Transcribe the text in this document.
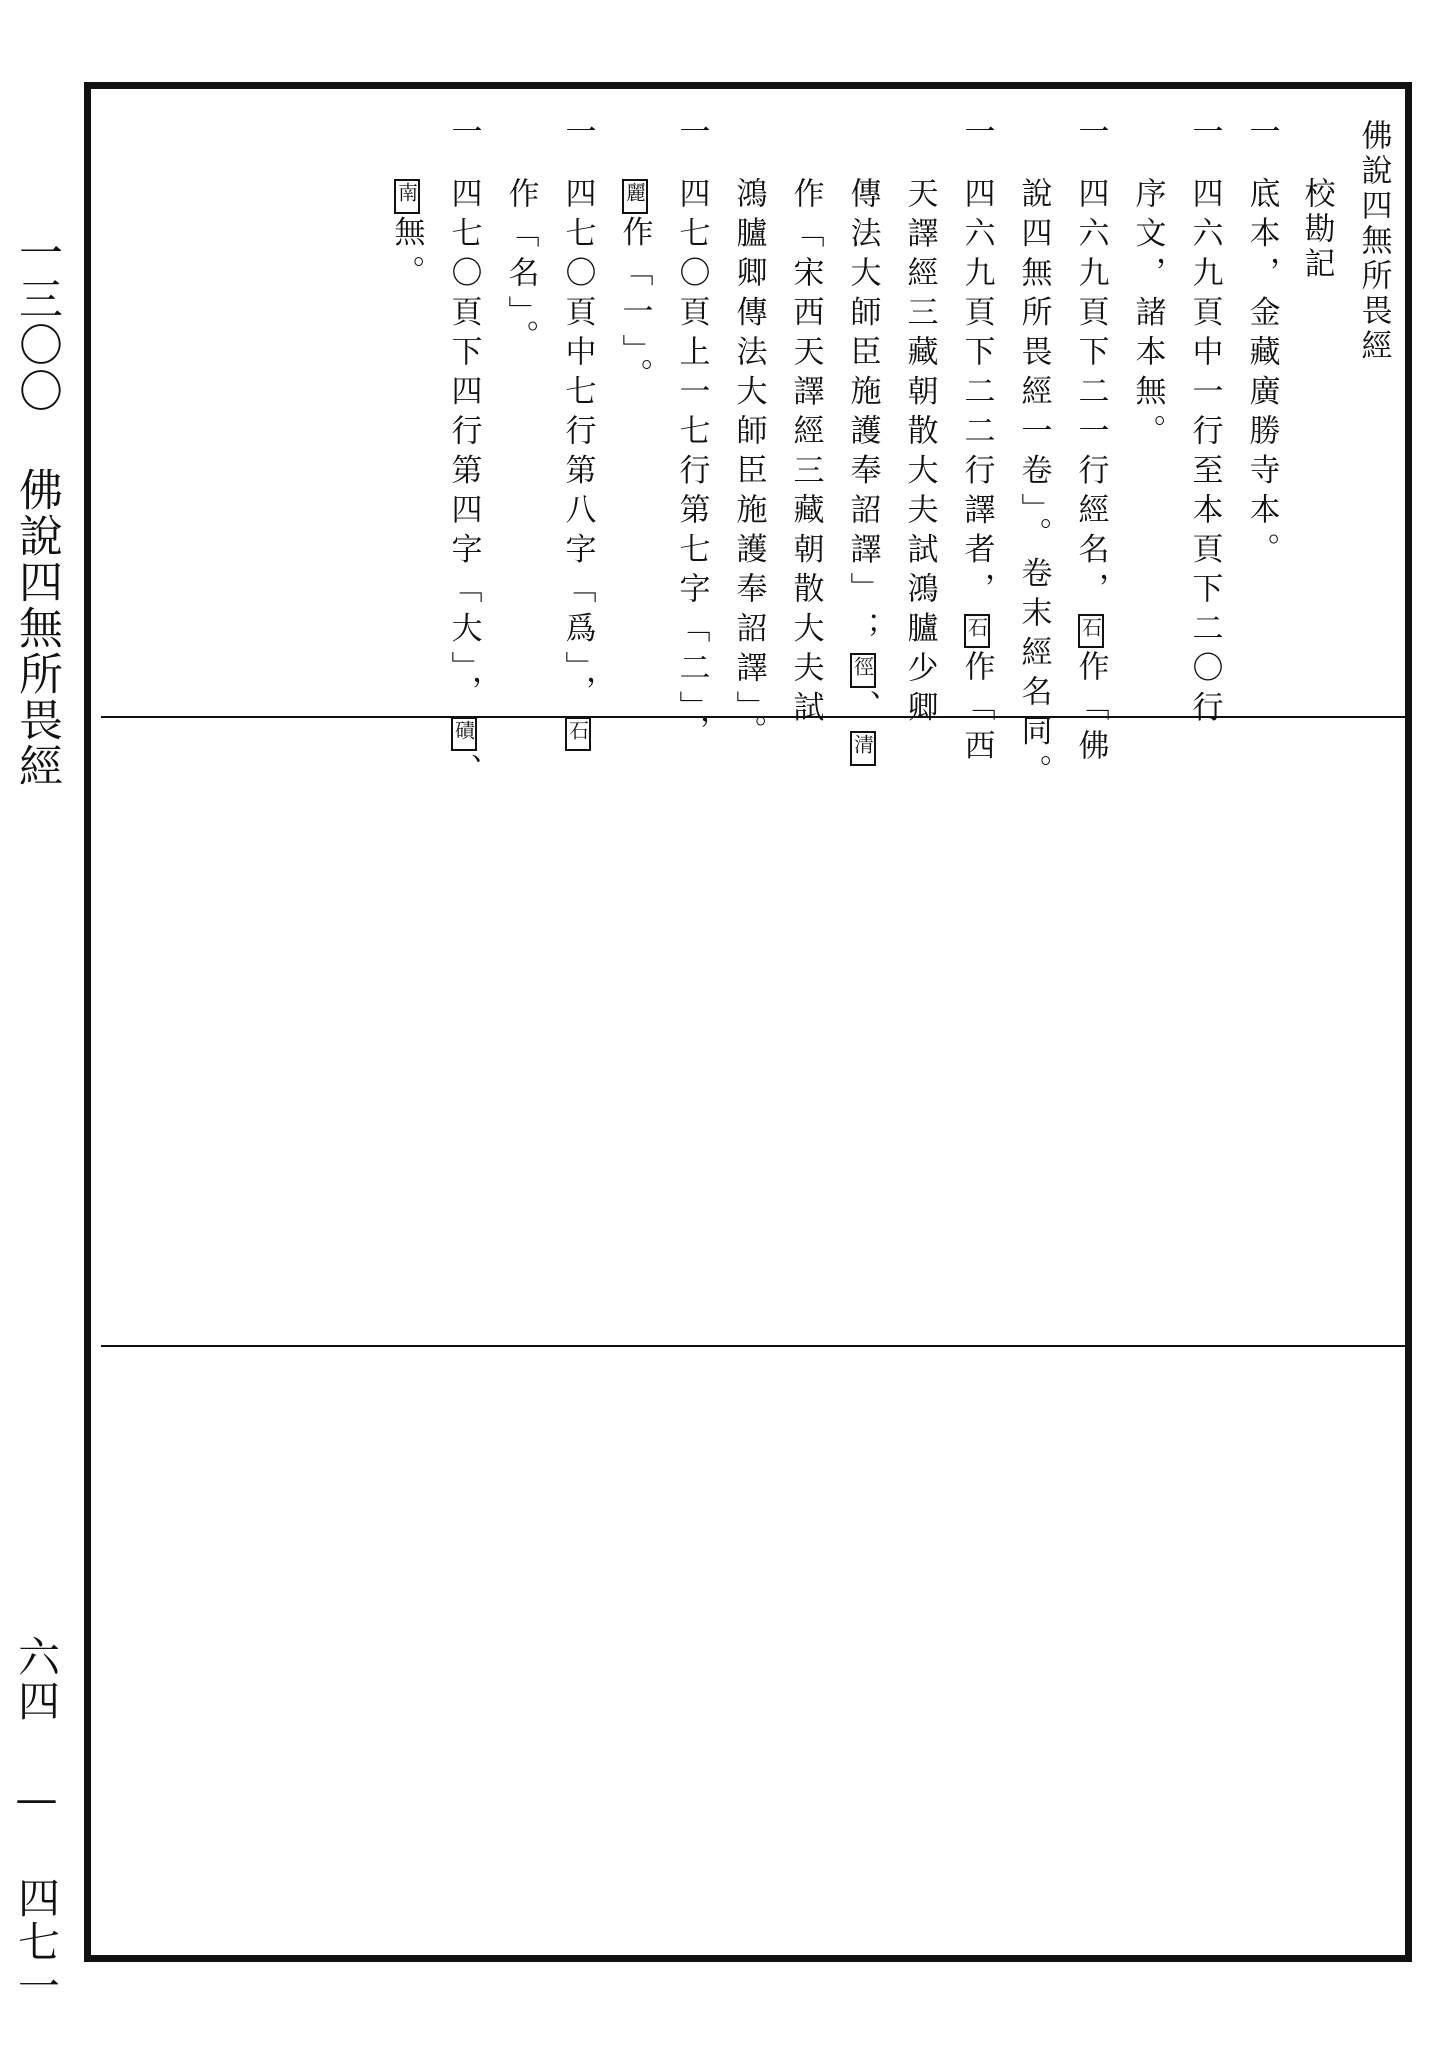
一三〇〇 佛說四無所畏經
六四 — 四七一
佛說四無所畏經
校勘記
一
底本，金藏廣勝寺本。
一
四六九頁中一行至本頁下二〇行
序文，諸本無。
一
四六九頁下二一行經名，石作「佛
說四無所畏經一卷」。卷末經名同。
一
四六九頁下二二行譯者，石作「西
天譯經三藏朝散大夫試鴻臚少卿
傳法大師臣施護奉詔譯」；徑、清
作「宋西天譯經三藏朝散大夫試
鴻臚卿傳法大師臣施護奉詔譯」。
一
四七〇頁上一七行第七字「二」，
麗作「一」。
一
四七〇頁中七行第八字「爲」，石
作「名」。
一
四七〇頁下四行第四字「大」，磧、
南無。
